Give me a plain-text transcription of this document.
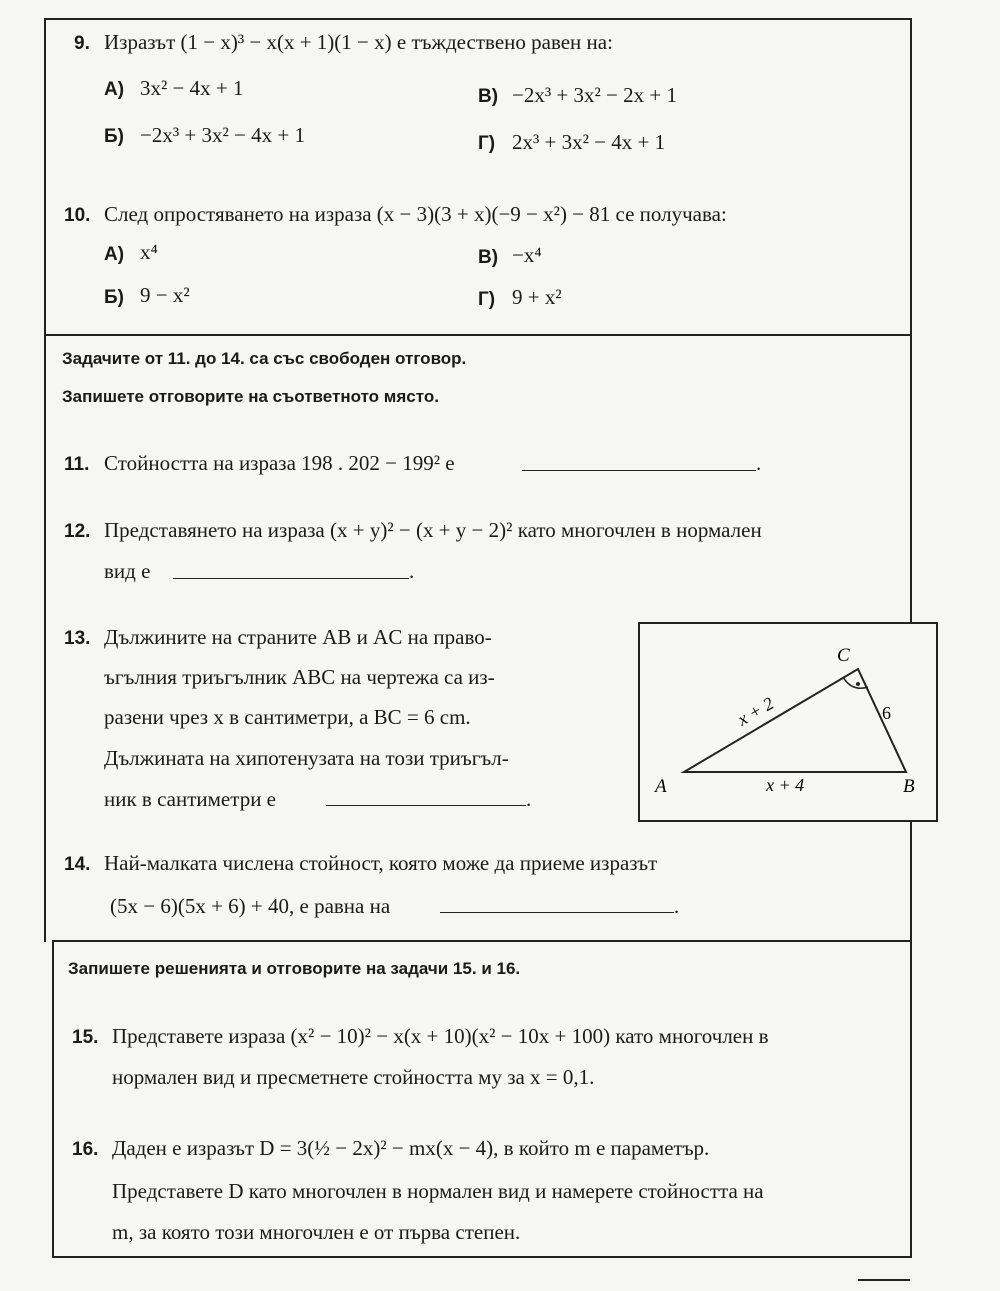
9. Изразът (1 − x)³ − x(x + 1)(1 − x) е тъждествено равен на:
А) 3x² − 4x + 1
Б) −2x³ + 3x² − 4x + 1
В) −2x³ + 3x² − 2x + 1
Г) 2x³ + 3x² − 4x + 1
10. След опростяването на израза (x − 3)(3 + x)(−9 − x²) − 81 се получава:
А) x⁴
Б) 9 − x²
В) −x⁴
Г) 9 + x²
Задачите от 11. до 14. са със свободен отговор.
Запишете отговорите на съответното място.
11. Стойността на израза 198 . 202 − 199² е	.
12. Представянето на израза (x + y)² − (x + y − 2)² като многочлен в нормален
вид е	.
13. Дължините на страните AB и AC на право-
ъгълния триъгълник ABC на чертежа са из-
разени чрез x в сантиметри, а BC = 6 cm.
Дължината на хипотенузата на този триъгъл-
ник в сантиметри е	.
A	B
C
x + 2
x + 4
6
14. Най-малката числена стойност, която може да приеме изразът
(5x − 6)(5x + 6) + 40, е равна на	.
Запишете решенията и отговорите на задачи 15. и 16.
15. Представете израза (x² − 10)² − x(x + 10)(x² − 10x + 100) като многочлен в
нормален вид и пресметнете стойността му за x = 0,1.
16. Даден е изразът D = 3(½ − 2x)² − mx(x − 4), в който m е параметър.
Представете D като многочлен в нормален вид и намерете стойността на
m, за която този многочлен е от първа степен.
